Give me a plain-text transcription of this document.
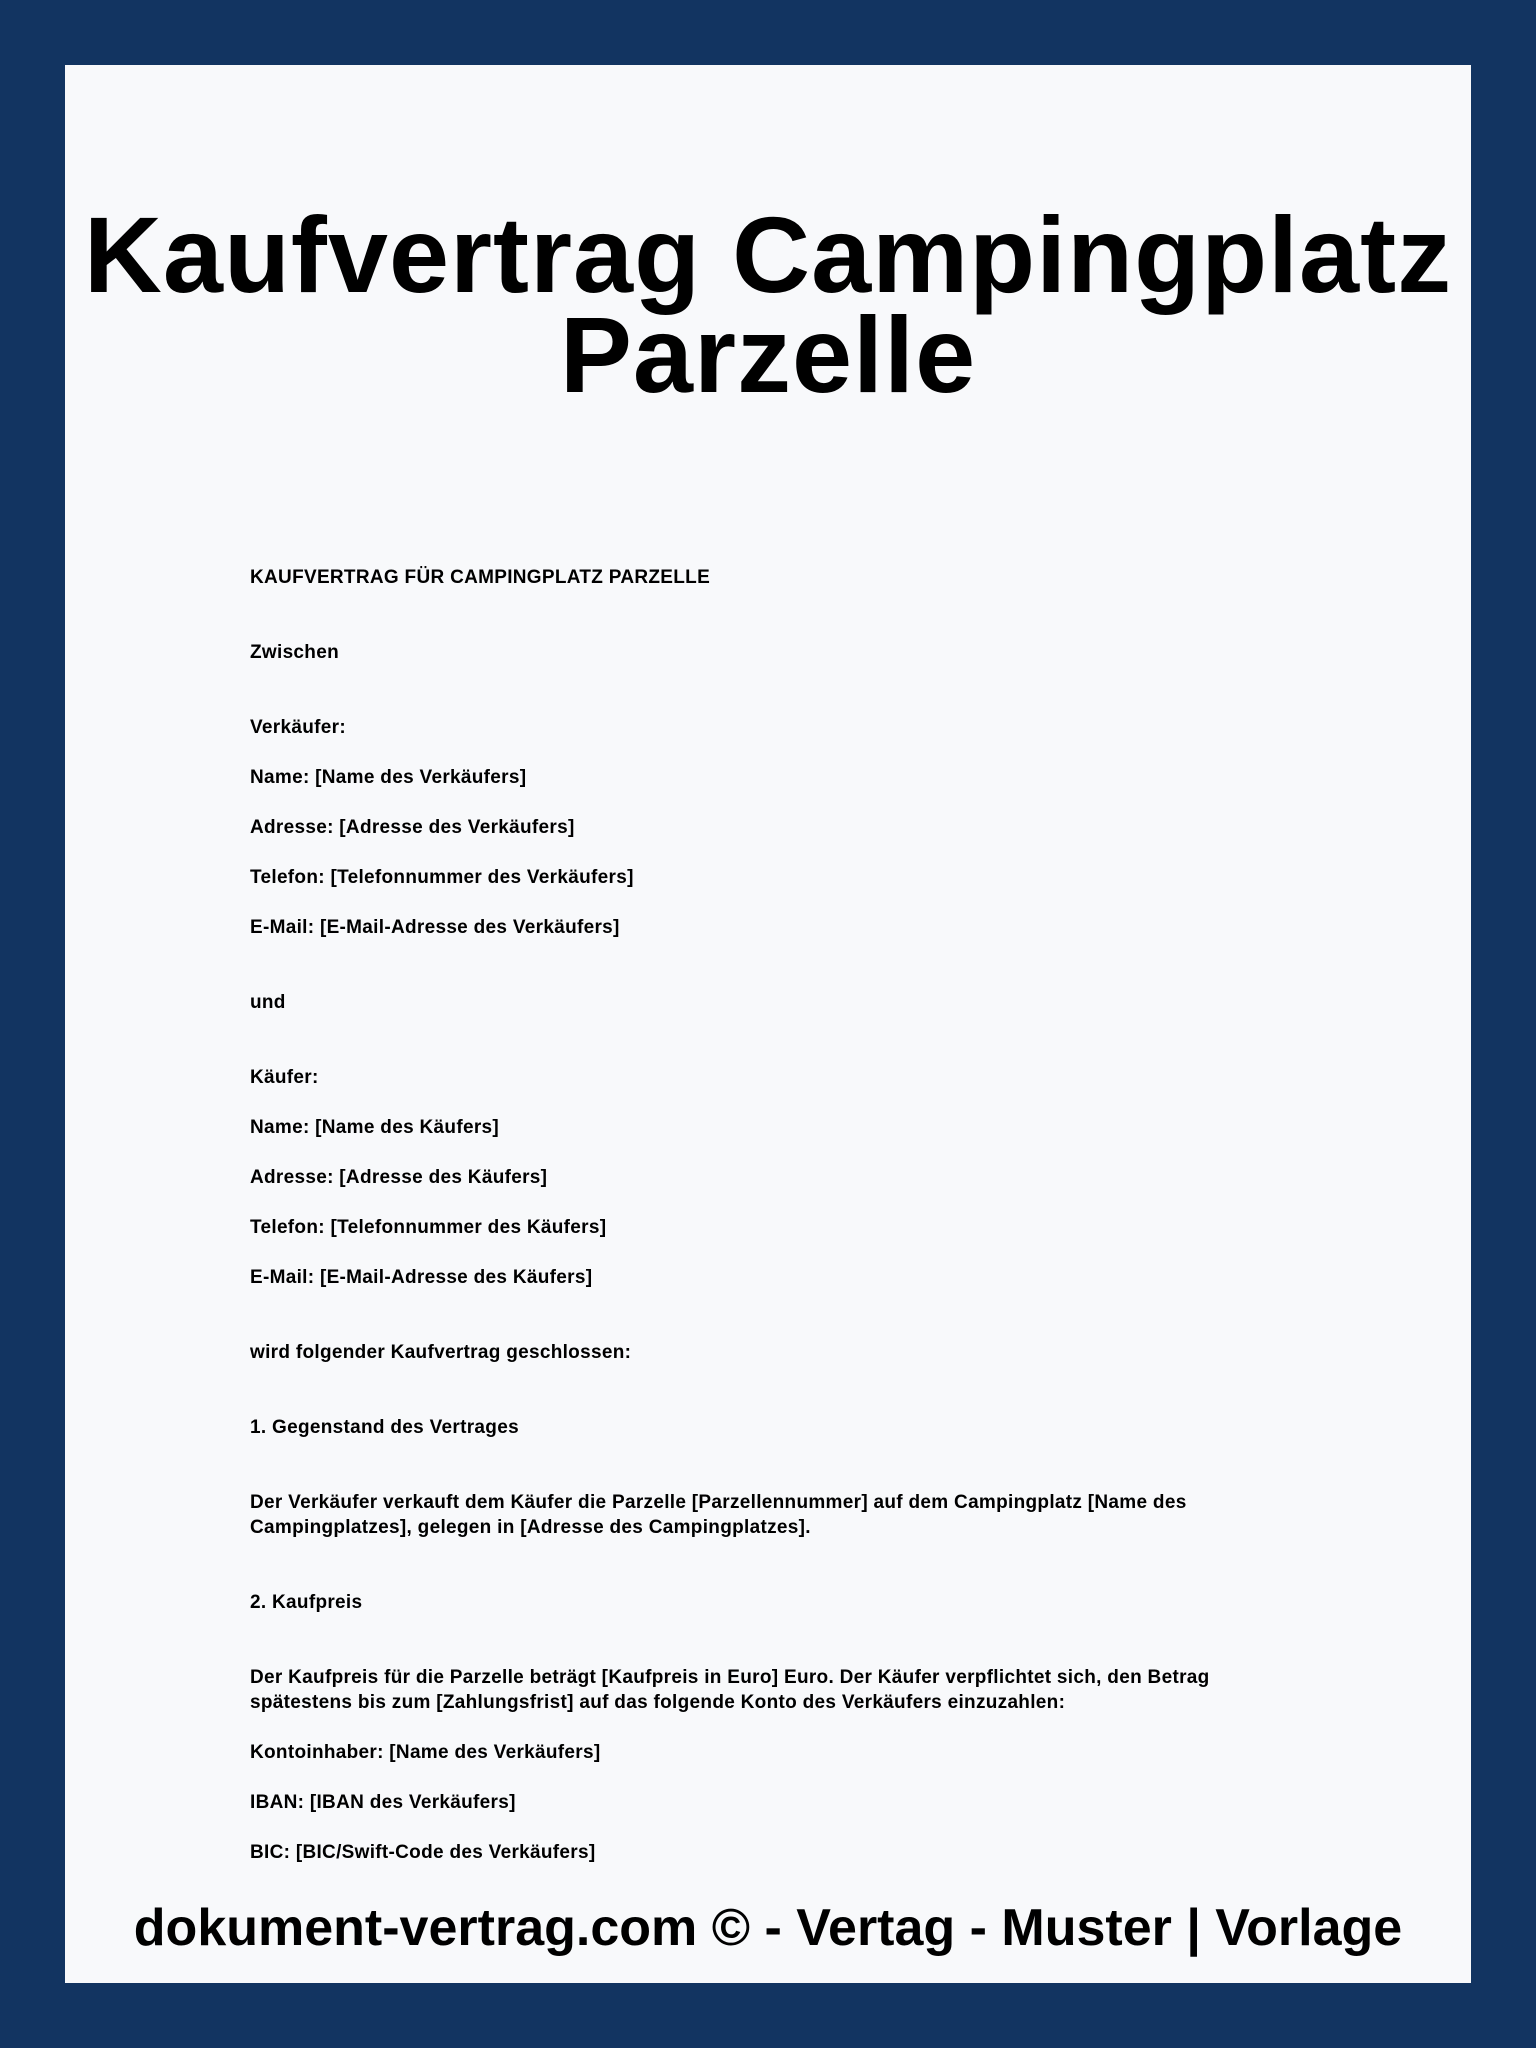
Kaufvertrag Campingplatz
Parzelle

KAUFVERTRAG FÜR CAMPINGPLATZ PARZELLE

Zwischen

Verkäufer:

Name: [Name des Verkäufers]

Adresse: [Adresse des Verkäufers]

Telefon: [Telefonnummer des Verkäufers]

E-Mail: [E-Mail-Adresse des Verkäufers]

und

Käufer:

Name: [Name des Käufers]

Adresse: [Adresse des Käufers]

Telefon: [Telefonnummer des Käufers]

E-Mail: [E-Mail-Adresse des Käufers]

wird folgender Kaufvertrag geschlossen:

1. Gegenstand des Vertrages

Der Verkäufer verkauft dem Käufer die Parzelle [Parzellennummer] auf dem Campingplatz [Name des Campingplatzes], gelegen in [Adresse des Campingplatzes].

2. Kaufpreis

Der Kaufpreis für die Parzelle beträgt [Kaufpreis in Euro] Euro. Der Käufer verpflichtet sich, den Betrag spätestens bis zum [Zahlungsfrist] auf das folgende Konto des Verkäufers einzuzahlen:

Kontoinhaber: [Name des Verkäufers]

IBAN: [IBAN des Verkäufers]

BIC: [BIC/Swift-Code des Verkäufers]

dokument-vertrag.com © - Vertag - Muster | Vorlage
